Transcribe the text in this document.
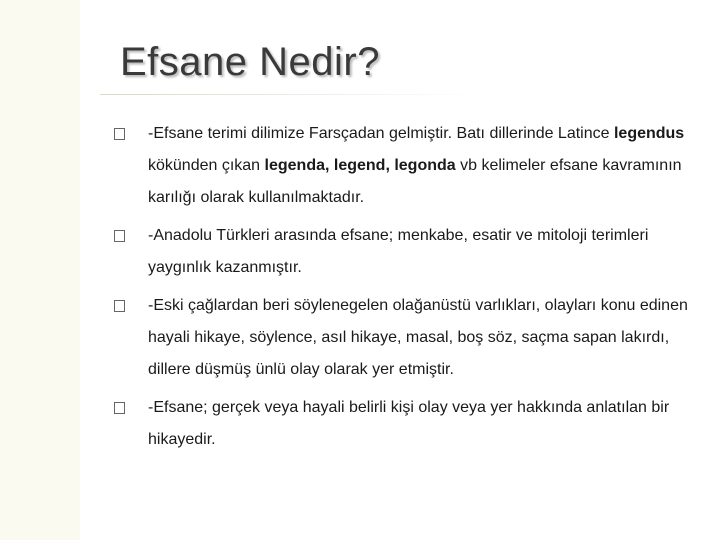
Efsane Nedir?
-Efsane terimi dilimize Farsçadan gelmiştir. Batı dillerinde Latince legendus kökünden çıkan legenda, legend, legonda vb kelimeler efsane kavramının karılığı olarak kullanılmaktadır.
-Anadolu Türkleri arasında efsane; menkabe, esatir ve mitoloji terimleri yaygınlık kazanmıştır.
-Eski çağlardan beri söylenegelen olağanüstü varlıkları, olayları konu edinen hayali hikaye, söylence, asıl hikaye, masal, boş söz, saçma sapan lakırdı, dillere düşmüş ünlü olay olarak yer etmiştir.
-Efsane; gerçek veya hayali belirli kişi olay veya yer hakkında anlatılan bir hikayedir.
